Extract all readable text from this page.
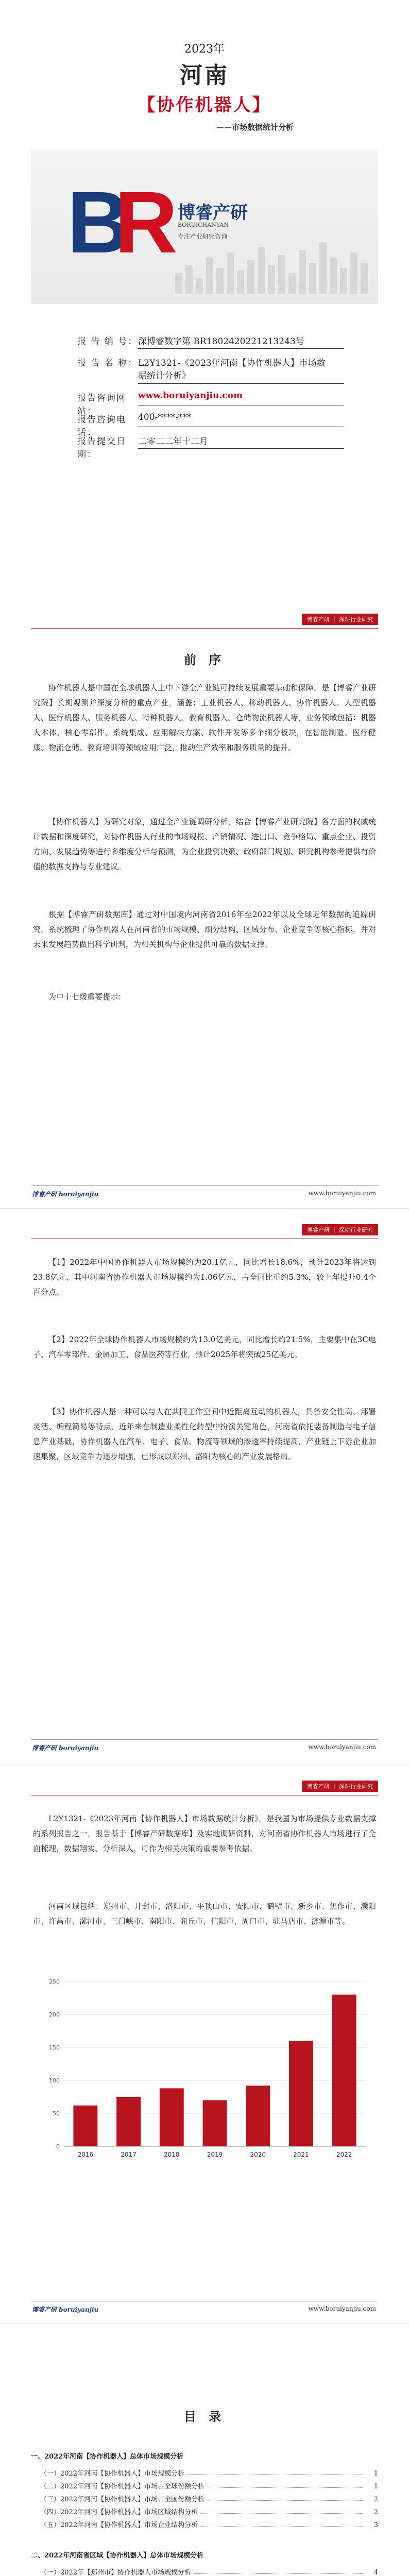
2023年
河南
【协作机器人】
——市场数据统计分析
B
R 博睿产研
BORUICHANYAN
专注产业研究咨询
报 告 编 号：深博睿数字第 BR1802420221213243号
报 告 名 称：L2Y1321-《2023年河南【协作机器人】市场数据统计分析》
报告咨询网站：www.boruiyanjiu.com
报告咨询电话：400-****-***
报告提交日期：二零二二年十二月
博睿产研 ｜ 深耕行业研究
前 序
协作机器人是中国在全球机器人上中下游全产业链可持续发展重要基础和保障，是【博睿产业研究院】长期观测并深度分析的重点产业，涵盖：工业机器人、移动机器人、协作机器人、人型机器人、医疗机器人、服务机器人、特种机器人、教育机器人、仓储物流机器人等，业务领域包括：机器人本体、核心零部件、系统集成、应用解决方案、软件开发等多个细分板块，在智能制造、医疗健康、物流仓储、教育培训等领域应用广泛，推动生产效率和服务质量的提升。
【协作机器人】为研究对象，通过全产业链调研分析，结合【博睿产业研究院】各方面的权威统计数据和深度研究，对协作机器人行业的市场规模、产销情况、进出口、竞争格局、重点企业、投资方向、发展趋势等进行多维度分析与预测，为企业投资决策、政府部门规划、研究机构参考提供有价值的数据支持与专业建议。
根据【博睿产研数据库】通过对中国境内河南省2016年至2022年以及全球近年数据的追踪研究，系统梳理了协作机器人在河南省的市场规模、细分结构、区域分布、企业竞争等核心指标，并对未来发展趋势做出科学研判，为相关机构与企业提供可靠的数据支撑。
为中十七级重要提示：
博睿产研 boruiyanjiu	www.boruiyanjiu.com
博睿产研 ｜ 深耕行业研究
【1】2022年中国协作机器人市场规模约为20.1亿元，同比增长18.6%，预计2023年将达到23.8亿元，其中河南省协作机器人市场规模约为1.06亿元，占全国比重约5.3%，较上年提升0.4个百分点。
【2】2022年全球协作机器人市场规模约为13.0亿美元，同比增长约21.5%，主要集中在3C电子、汽车零部件、金属加工、食品医药等行业，预计2025年将突破25亿美元。
【3】协作机器人是一种可以与人在共同工作空间中近距离互动的机器人，具备安全性高、部署灵活、编程简易等特点，近年来在制造业柔性化转型中扮演关键角色，河南省依托装备制造与电子信息产业基础，协作机器人在汽车、电子、食品、物流等领域的渗透率持续提高，产业链上下游企业加速集聚，区域竞争力逐步增强，已形成以郑州、洛阳为核心的产业发展格局。
博睿产研 boruiyanjiu	www.boruiyanjiu.com
博睿产研 ｜ 深耕行业研究
L2Y1321-《2023年河南【协作机器人】市场数据统计分析》，是我国为市场提供专业数据支撑的系列报告之一，报告基于【博睿产研数据库】及实地调研资料，对河南省协作机器人市场进行了全面梳理，数据翔实、分析深入，可作为相关决策的重要参考依据。
河南区域包括：郑州市、开封市、洛阳市、平顶山市、安阳市、鹤壁市、新乡市、焦作市、濮阳市、许昌市、漯河市、三门峡市、南阳市、商丘市、信阳市、周口市、驻马店市、济源市等。
0
50
100
150
200
250
2016	2017	2018	2019	2020	2021	2022
博睿产研 boruiyanjiu	www.boruiyanjiu.com
目 录
一、2022年河南【协作机器人】总体市场规模分析
（一）2022年河南【协作机器人】市场规模分析	1
（二）2022年河南【协作机器人】市场占全球份额分析	1
（三）2022年河南【协作机器人】市场占全国份额分析	2
（四）2022年河南【协作机器人】市场区域结构分析	2
（五）2022年河南【协作机器人】市场企业结构分析	3
二、2022年河南省区域【协作机器人】总体市场规模分析
（一）2022年【郑州市】协作机器人市场规模分析	4
